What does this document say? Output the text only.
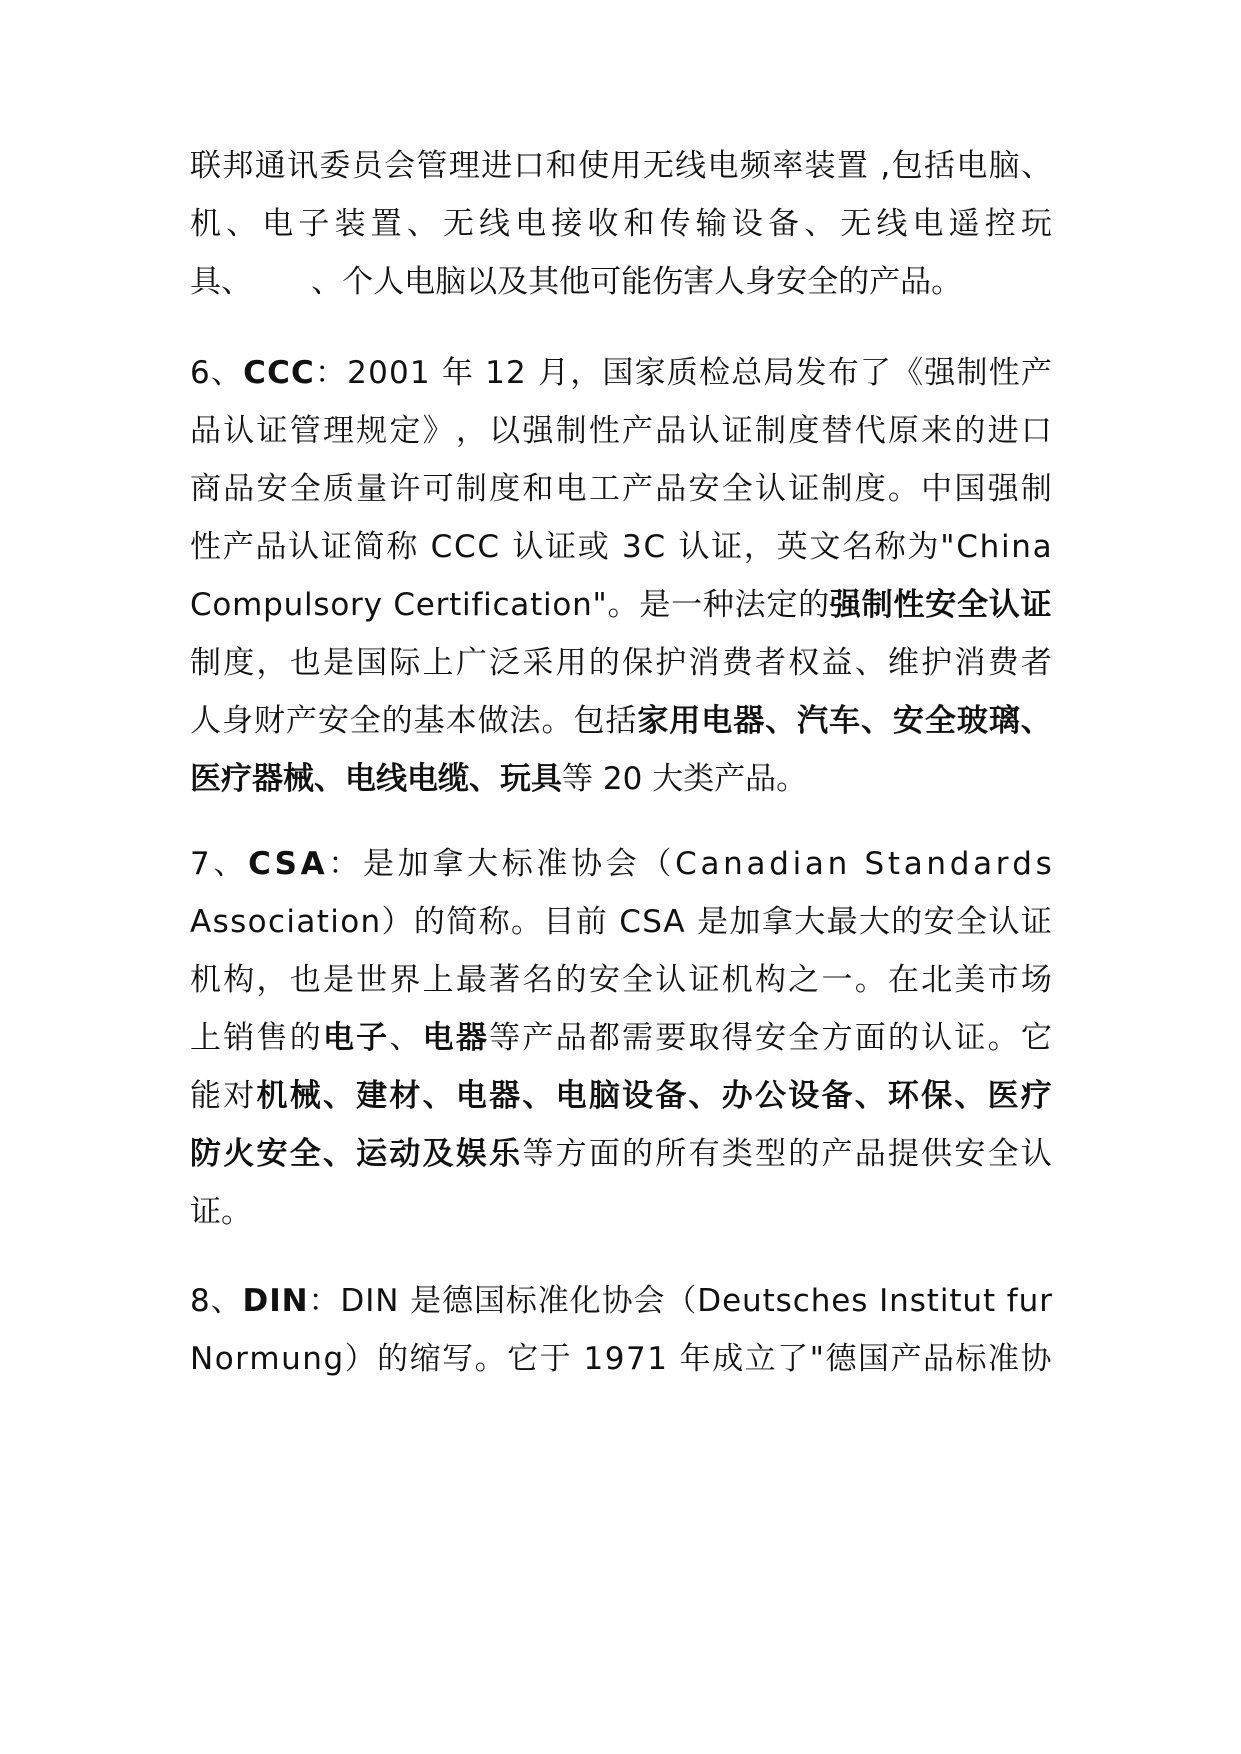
联 邦 通 讯 委 员 会 管 理 进 口 和 使 用 无 线 电 频 率 装 置
, 包 括 电 脑 、
机 、 电 子 装 置 、 无 线 电 接 收 和 传 输 设 备 、 无 线 电 遥 控 玩
具、      、个人电脑以及其他可能伤害人身安全的产品。
6 、 C C C ： 2 0 0 1
年
1 2
月 ， 国 家 质 检 总 局 发 布 了 《 强 制 性 产
品 认 证 管 理 规 定 》 ， 以 强 制 性 产 品 认 证 制 度 替 代 原 来 的 进 口
商 品 安 全 质 量 许 可 制 度 和 电 工 产 品 安 全 认 证 制 度 。 中 国 强 制
性 产 品 认 证 简 称
C C C
认 证 或
3 C
认 证 ， 英 文 名 称 为 " C h i n a
C o m p u l s o r y
C e r t i f i c a t i o n " 。 是 一 种 法 定 的 强 制 性 安 全 认 证
制 度 ， 也 是 国 际 上 广 泛 采 用 的 保 护 消 费 者 权 益 、 维 护 消 费 者
人 身 财 产 安 全 的 基 本 做 法 。 包 括 家 用 电 器 、 汽 车 、 安 全 玻 璃 、
医疗器械、电线电缆、玩具等 20 大类产品。
7 、 C S A ： 是 加 拿 大 标 准 协 会 （ C a n a d i a n
S t a n d a r d s
A s s o c i a t i o n ） 的 简 称 。 目 前
C S A
是 加 拿 大 最 大 的 安 全 认 证
机 构 ， 也 是 世 界 上 最 著 名 的 安 全 认 证 机 构 之 一 。 在 北 美 市 场
上 销 售 的 电 子 、 电 器 等 产 品 都 需 要 取 得 安 全 方 面 的 认 证 。 它
能 对 机 械 、 建 材 、 电 器 、 电 脑 设 备 、 办 公 设 备 、 环 保 、 医 疗
防 火 安 全 、 运 动 及 娱 乐 等 方 面 的 所 有 类 型 的 产 品 提 供 安 全 认
证。
8 、 D I N ： D I N
是 德 国 标 准 化 协 会 （ D e u t s c h e s
I n s t i t u t
f u r
N o r m u n g ） 的 缩 写 。 它 于
1 9 7 1
年 成 立 了 " 德 国 产 品 标 准 协
